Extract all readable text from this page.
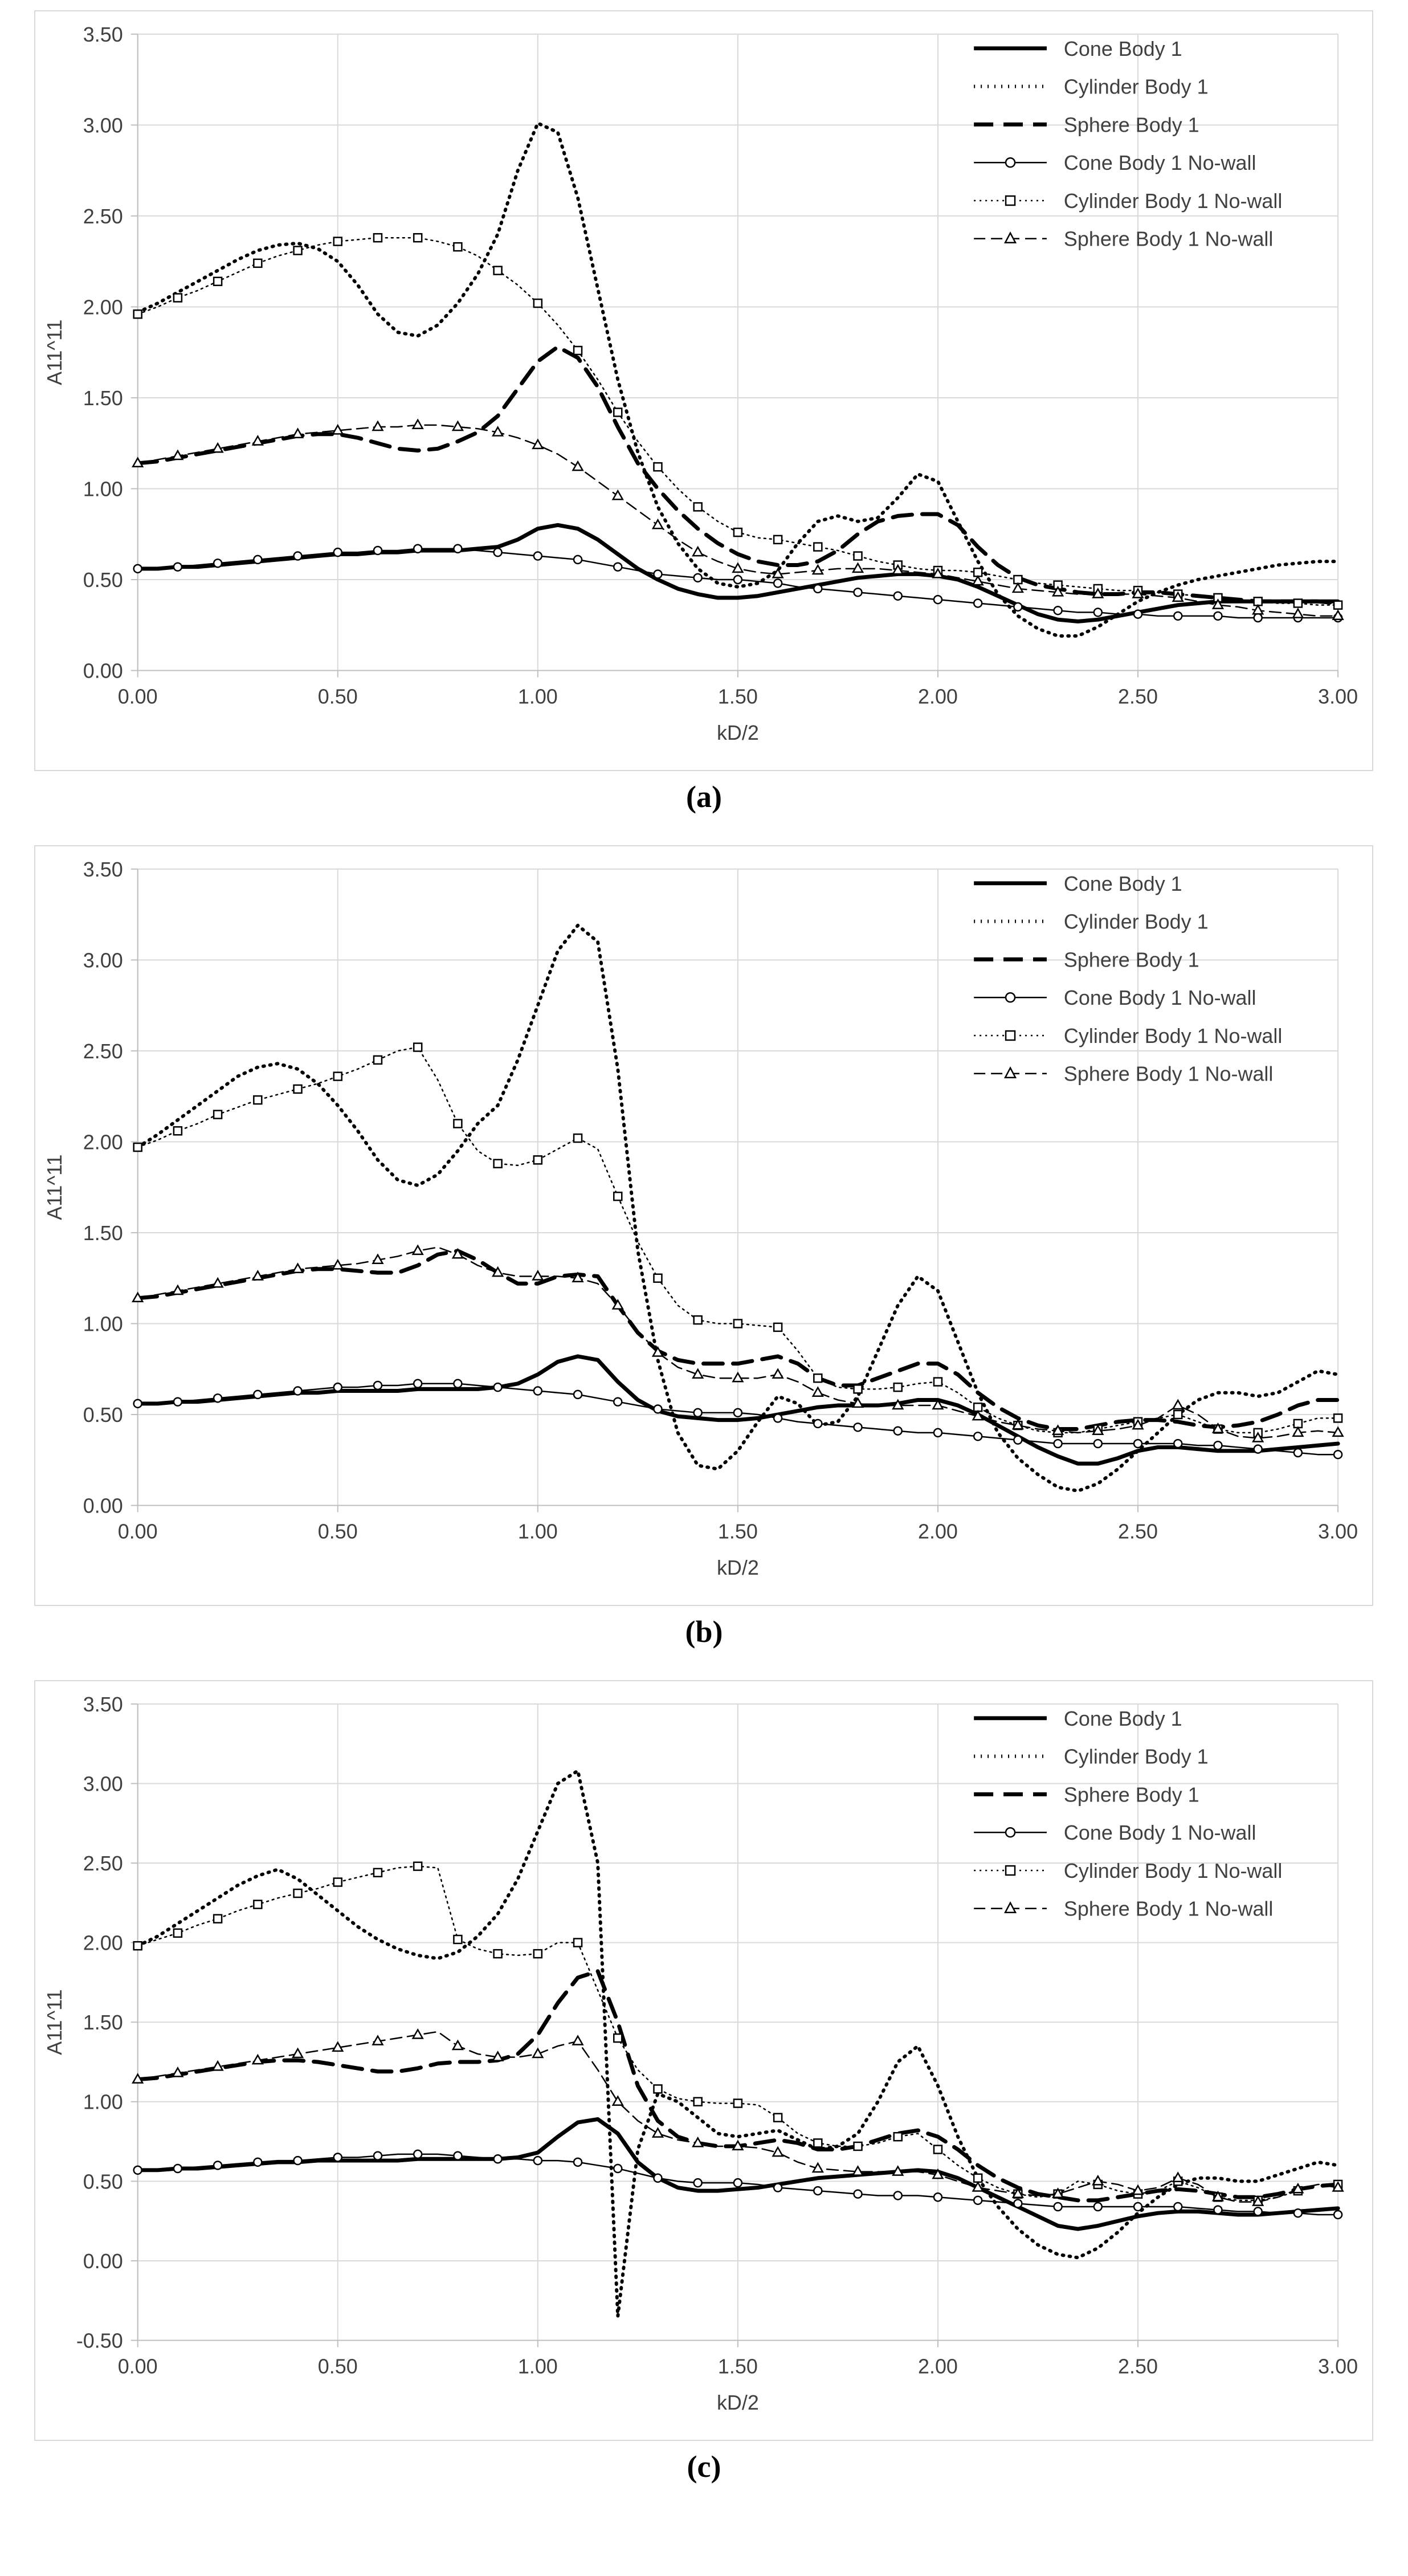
0.00	0.50	1.00	1.50	2.00	2.50	3.00
0.00
0.50
1.00
1.50
2.00
2.50
3.00
3.50
kD/2
A11^11
Cone Body 1
Cylinder Body 1
Sphere Body 1
Cone Body 1 No-wall
Cylinder Body 1 No-wall
Sphere Body 1 No-wall
(a)
0.00	0.50	1.00	1.50	2.00	2.50	3.00
0.00
0.50
1.00
1.50
2.00
2.50
3.00
3.50
kD/2
A11^11
Cone Body 1
Cylinder Body 1
Sphere Body 1
Cone Body 1 No-wall
Cylinder Body 1 No-wall
Sphere Body 1 No-wall
(b)
0.00	0.50	1.00	1.50	2.00	2.50	3.00
-0.50
0.00
0.50
1.00
1.50
2.00
2.50
3.00
3.50
kD/2
A11^11
Cone Body 1
Cylinder Body 1
Sphere Body 1
Cone Body 1 No-wall
Cylinder Body 1 No-wall
Sphere Body 1 No-wall
(c)
